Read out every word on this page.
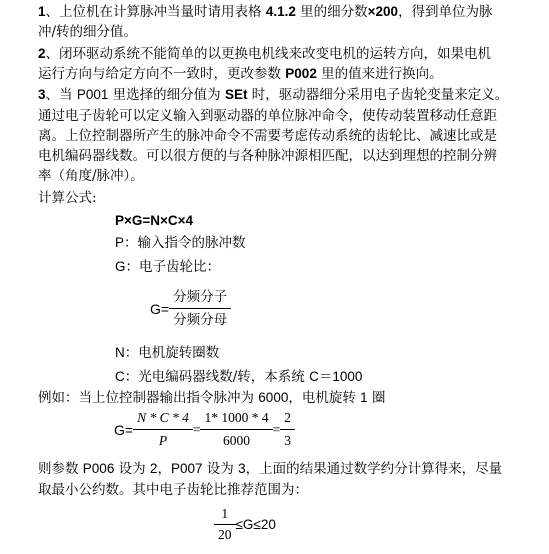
1、上位机在计算脉冲当量时请用表格 4.1.2 里的细分数×200，得到单位为脉
冲/转的细分值。
2、闭环驱动系统不能简单的以更换电机线来改变电机的运转方向，如果电机
运行方向与给定方向不一致时，更改参数 P002 里的值来进行换向。
3、当 P001 里选择的细分值为 SEt 时，驱动器细分采用电子齿轮变量来定义。
通过电子齿轮可以定义输入到驱动器的单位脉冲命令，使传动装置移动任意距
离。上位控制器所产生的脉冲命令不需要考虑传动系统的齿轮比、减速比或是
电机编码器线数。可以很方便的与各种脉冲源相匹配，以达到理想的控制分辨
率（角度/脉冲）。
计算公式:
P×G=N×C×4
P：输入指令的脉冲数
G：电子齿轮比：
$G= \frac{\text{分频分子}}{\text{分频分母}}$
N：电机旋转圈数
C：光电编码器线数/转，本系统 C＝1000
例如：当上位控制器输出指令脉冲为 6000，电机旋转 1 圈
$G= \frac{N * C * 4}{P} = \frac{1* 1000 * 4}{6000} = \frac{2}{3}$
则参数 P006 设为 2，P007 设为 3，上面的结果通过数学约分计算得来，尽量
取最小公约数。其中电子齿轮比推荐范围为：
$\frac{1}{20} \le G\le 20$
